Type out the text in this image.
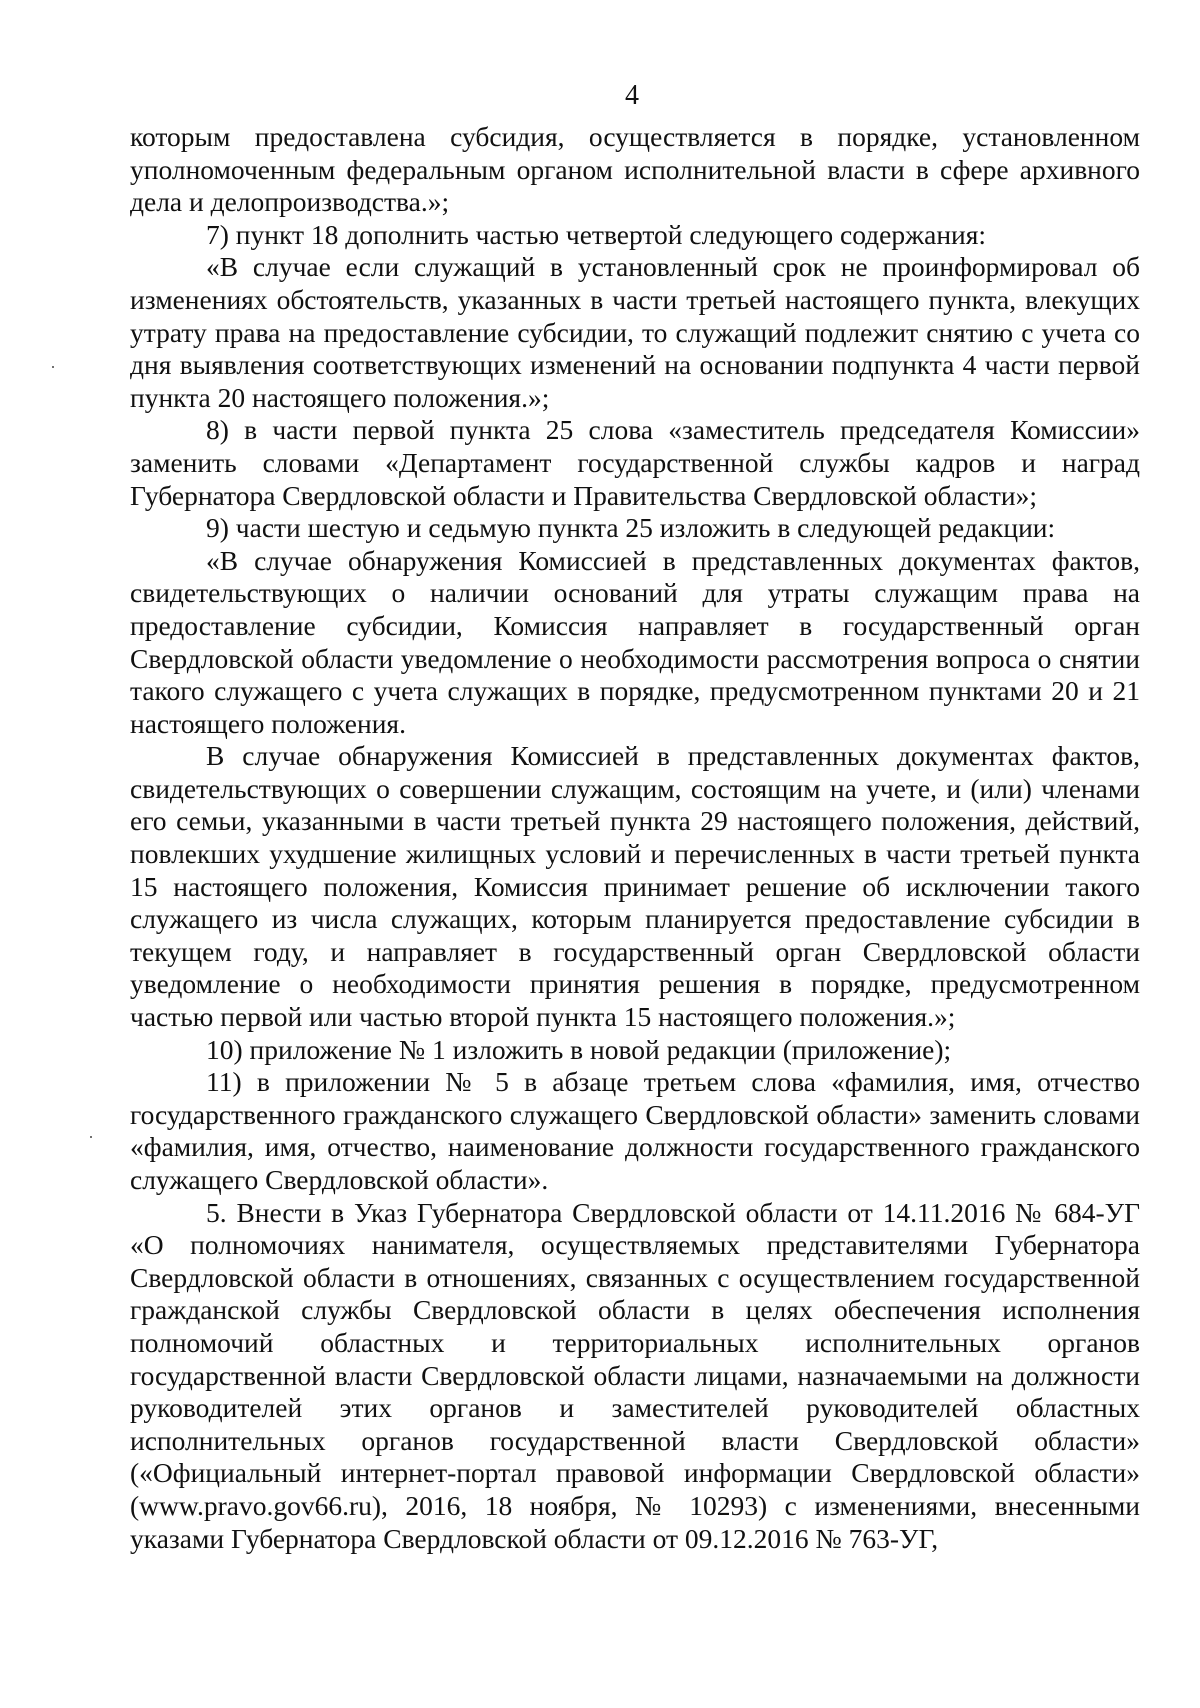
4

которым предоставлена субсидия, осуществляется в порядке, установленном уполномоченным федеральным органом исполнительной власти в сфере архивного дела и делопроизводства.»;

7) пункт 18 дополнить частью четвертой следующего содержания:

«В случае если служащий в установленный срок не проинформировал об изменениях обстоятельств, указанных в части третьей настоящего пункта, влекущих утрату права на предоставление субсидии, то служащий подлежит снятию с учета со дня выявления соответствующих изменений на основании подпункта 4 части первой пункта 20 настоящего положения.»;

8) в части первой пункта 25 слова «заместитель председателя Комиссии» заменить словами «Департамент государственной службы кадров и наград Губернатора Свердловской области и Правительства Свердловской области»;

9) части шестую и седьмую пункта 25 изложить в следующей редакции:

«В случае обнаружения Комиссией в представленных документах фактов, свидетельствующих о наличии оснований для утраты служащим права на предоставление субсидии, Комиссия направляет в государственный орган Свердловской области уведомление о необходимости рассмотрения вопроса о снятии такого служащего с учета служащих в порядке, предусмотренном пунктами 20 и 21 настоящего положения.

В случае обнаружения Комиссией в представленных документах фактов, свидетельствующих о совершении служащим, состоящим на учете, и (или) членами его семьи, указанными в части третьей пункта 29 настоящего положения, действий, повлекших ухудшение жилищных условий и перечисленных в части третьей пункта 15 настоящего положения, Комиссия принимает решение об исключении такого служащего из числа служащих, которым планируется предоставление субсидии в текущем году, и направляет в государственный орган Свердловской области уведомление о необходимости принятия решения в порядке, предусмотренном частью первой или частью второй пункта 15 настоящего положения.»;

10) приложение № 1 изложить в новой редакции (приложение);

11) в приложении № 5 в абзаце третьем слова «фамилия, имя, отчество государственного гражданского служащего Свердловской области» заменить словами «фамилия, имя, отчество, наименование должности государственного гражданского служащего Свердловской области».

5. Внести в Указ Губернатора Свердловской области от 14.11.2016 № 684-УГ «О полномочиях нанимателя, осуществляемых представителями Губернатора Свердловской области в отношениях, связанных с осуществлением государственной гражданской службы Свердловской области в целях обеспечения исполнения полномочий областных и территориальных исполнительных органов государственной власти Свердловской области лицами, назначаемыми на должности руководителей этих органов и заместителей руководителей областных исполнительных органов государственной власти Свердловской области» («Официальный интернет-портал правовой информации Свердловской области» (www.pravo.gov66.ru), 2016, 18 ноября, № 10293) с изменениями, внесенными указами Губернатора Свердловской области от 09.12.2016 № 763-УГ,
